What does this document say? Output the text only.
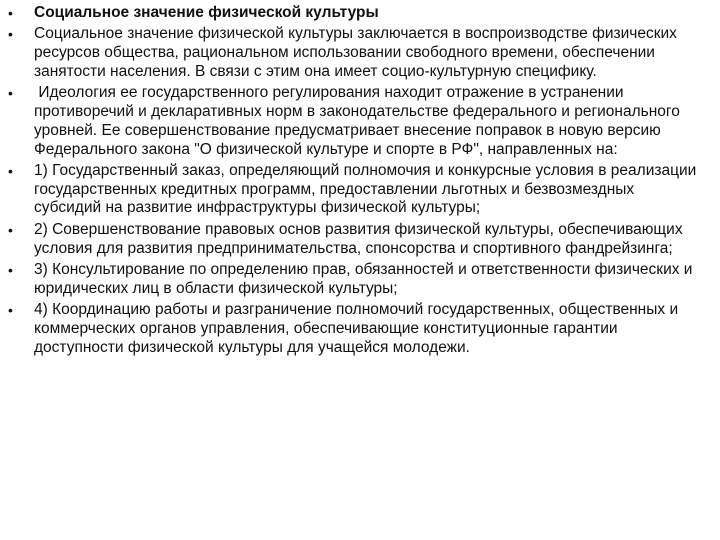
•	Социальное значение физической культуры
•	Социальное значение физической культуры заключается в воспроизводстве физических ресурсов общества, рациональном использовании свободного времени, обеспечении занятости населения. В связи с этим она имеет социо-культурную специфику.
•	Идеология ее государственного регулирования находит отражение в устранении противоречий и декларативных норм в законодательстве федерального и регионального уровней. Ее совершенствование предусматривает внесение поправок в новую версию Федерального закона "О физической культуре и спорте в РФ", направленных на:
•	1) Государственный заказ, определяющий полномочия и конкурсные условия в реализации государственных кредитных программ, предоставлении льготных и безвозмездных субсидий на развитие инфраструктуры физической культуры;
•	2) Совершенствование правовых основ развития физической культуры, обеспечивающих условия для развития предпринимательства, спонсорства и спортивного фандрейзинга;
•	3) Консультирование по определению прав, обязанностей и ответственности физических и юридических лиц в области физической культуры;
•	4) Координацию работы и разграничение полномочий государственных, общественных и коммерческих органов управления, обеспечивающие конституционные гарантии доступности физической культуры для учащейся молодежи.
